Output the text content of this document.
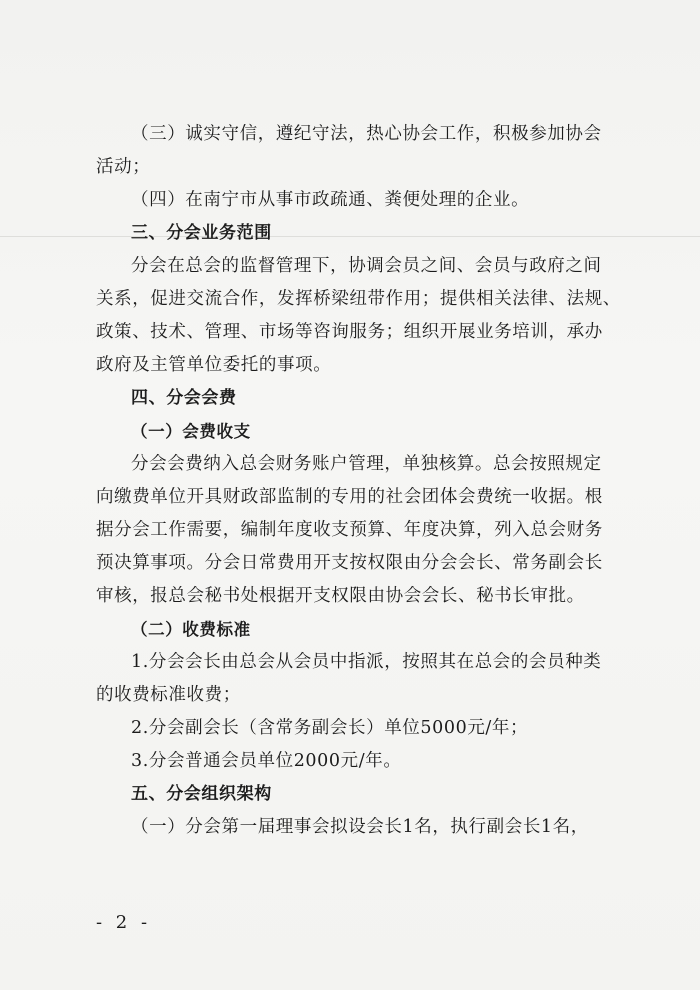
（三）诚实守信，遵纪守法，热心协会工作，积极参加协会
活动；
（四）在南宁市从事市政疏通、粪便处理的企业。
三、分会业务范围
分会在总会的监督管理下，协调会员之间、会员与政府之间
关系，促进交流合作，发挥桥梁纽带作用；提供相关法律、法规、
政策、技术、管理、市场等咨询服务；组织开展业务培训，承办
政府及主管单位委托的事项。
四、分会会费
（一）会费收支
分会会费纳入总会财务账户管理，单独核算。总会按照规定
向缴费单位开具财政部监制的专用的社会团体会费统一收据。根
据分会工作需要，编制年度收支预算、年度决算，列入总会财务
预决算事项。分会日常费用开支按权限由分会会长、常务副会长
审核，报总会秘书处根据开支权限由协会会长、秘书长审批。
（二）收费标准
1.分会会长由总会从会员中指派，按照其在总会的会员种类
的收费标准收费；
2.分会副会长（含常务副会长）单位5000元/年；
3.分会普通会员单位2000元/年。
五、分会组织架构
（一）分会第一届理事会拟设会长1名，执行副会长1名，
- 2 -
